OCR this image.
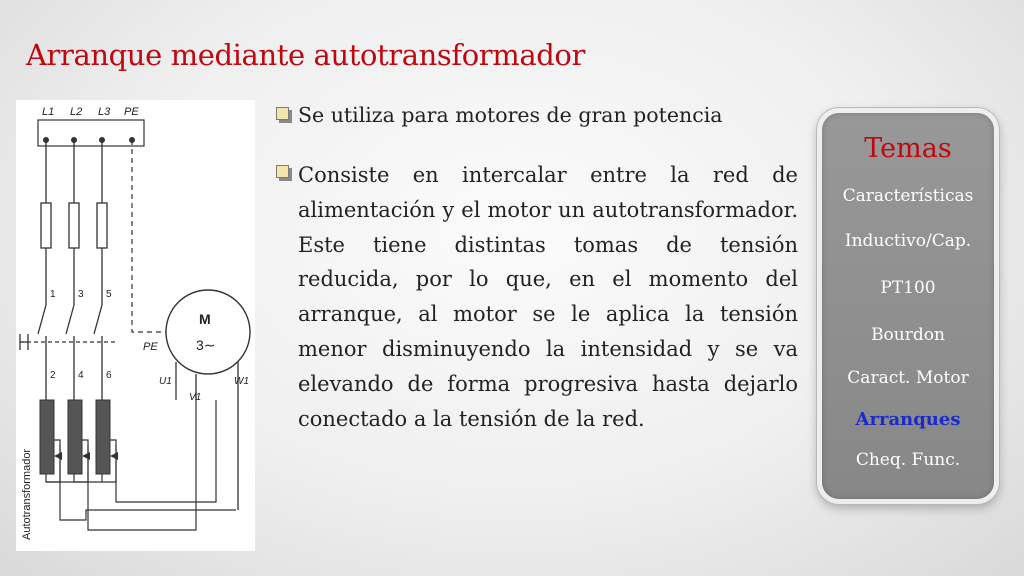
Arranque mediante autotransformador
L1 L2 L3 PE
PE
1 3 5
2 4 6
M
3∼
U1
V1
W1
Autotransformador
Se utiliza para motores de gran potencia
Consiste en intercalar entre la red de alimentación y el motor un autotransformador. Este tiene distintas tomas de tensión reducida, por lo que, en el momento del arranque, al motor se le aplica la tensión menor disminuyendo la intensidad y se va elevando de forma progresiva hasta dejarlo conectado a la tensión de la red.
Temas
Características
Inductivo/Cap.
PT100
Bourdon
Caract. Motor
Arranques
Cheq. Func.
